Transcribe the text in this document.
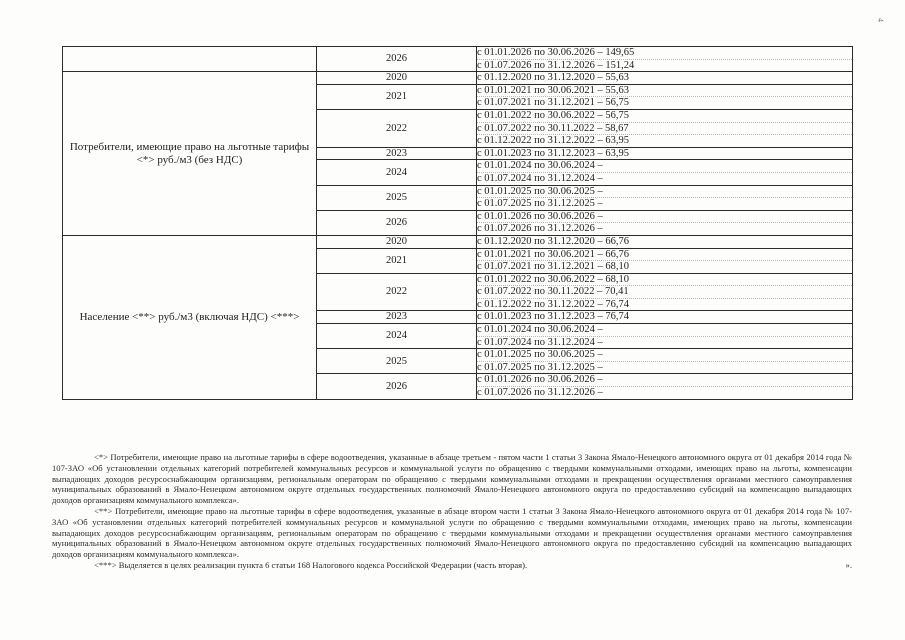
4
	2026	с 01.01.2026 по 30.06.2026 – 149,65
с 01.07.2026 по 31.12.2026 – 151,24

Потребители, имеющие право на льготные тарифы <*> руб./м3 (без НДС)	2020	с 01.12.2020 по 31.12.2020 – 55,63

	2021	с 01.01.2021 по 30.06.2021 – 55,63
с 01.07.2021 по 31.12.2021 – 56,75

	2022	с 01.01.2022 по 30.06.2022 – 56,75
с 01.07.2022 по 30.11.2022 – 58,67
с 01.12.2022 по 31.12.2022 – 63,95

	2023	с 01.01.2023 по 31.12.2023 – 63,95

	2024	с 01.01.2024 по 30.06.2024 –
с 01.07.2024 по 31.12.2024 –

	2025	с 01.01.2025 по 30.06.2025 –
с 01.07.2025 по 31.12.2025 –

	2026	с 01.01.2026 по 30.06.2026 –
с 01.07.2026 по 31.12.2026 –

Население <**> руб./м3 (включая НДС) <***>	2020	с 01.12.2020 по 31.12.2020 – 66,76

	2021	с 01.01.2021 по 30.06.2021 – 66,76
с 01.07.2021 по 31.12.2021 – 68,10

	2022	с 01.01.2022 по 30.06.2022 – 68,10
с 01.07.2022 по 30.11.2022 – 70,41
с 01.12.2022 по 31.12.2022 – 76,74

	2023	с 01.01.2023 по 31.12.2023 – 76,74

	2024	с 01.01.2024 по 30.06.2024 –
с 01.07.2024 по 31.12.2024 –

	2025	с 01.01.2025 по 30.06.2025 –
с 01.07.2025 по 31.12.2025 –

	2026	с 01.01.2026 по 30.06.2026 –
с 01.07.2026 по 31.12.2026 –

<*> Потребители, имеющие право на льготные тарифы в сфере водоотведения, указанные в абзаце третьем - пятом части 1 статьи 3 Закона Ямало-Ненецкого автономного округа от 01 декабря 2014 года № 107-ЗАО «Об установлении отдельных категорий потребителей коммунальных ресурсов и коммунальной услуги по обращению с твердыми коммунальными отходами, имеющих право на льготы, компенсации выпадающих доходов ресурсоснабжающим организациям, региональным операторам по обращению с твердыми коммунальными отходами и прекращении осуществления органами местного самоуправления муниципальных образований в Ямало-Ненецком автономном округе отдельных государственных полномочий Ямало-Ненецкого автономного округа по предоставлению субсидий на компенсацию выпадающих доходов организациям коммунального комплекса».

<**> Потребители, имеющие право на льготные тарифы в сфере водоотведения, указанные в абзаце втором части 1 статьи 3 Закона Ямало-Ненецкого автономного округа от 01 декабря 2014 года № 107-ЗАО «Об установлении отдельных категорий потребителей коммунальных ресурсов и коммунальной услуги по обращению с твердыми коммунальными отходами, имеющих право на льготы, компенсации выпадающих доходов ресурсоснабжающим организациям, региональным операторам по обращению с твердыми коммунальными отходами и прекращении осуществления органами местного самоуправления муниципальных образований в Ямало-Ненецком автономном округе отдельных государственных полномочий Ямало-Ненецкого автономного округа по предоставлению субсидий на компенсацию выпадающих доходов организациям коммунального комплекса».

<***> Выделяется в целях реализации пункта 6 статьи 168 Налогового кодекса Российской Федерации (часть вторая).	».
